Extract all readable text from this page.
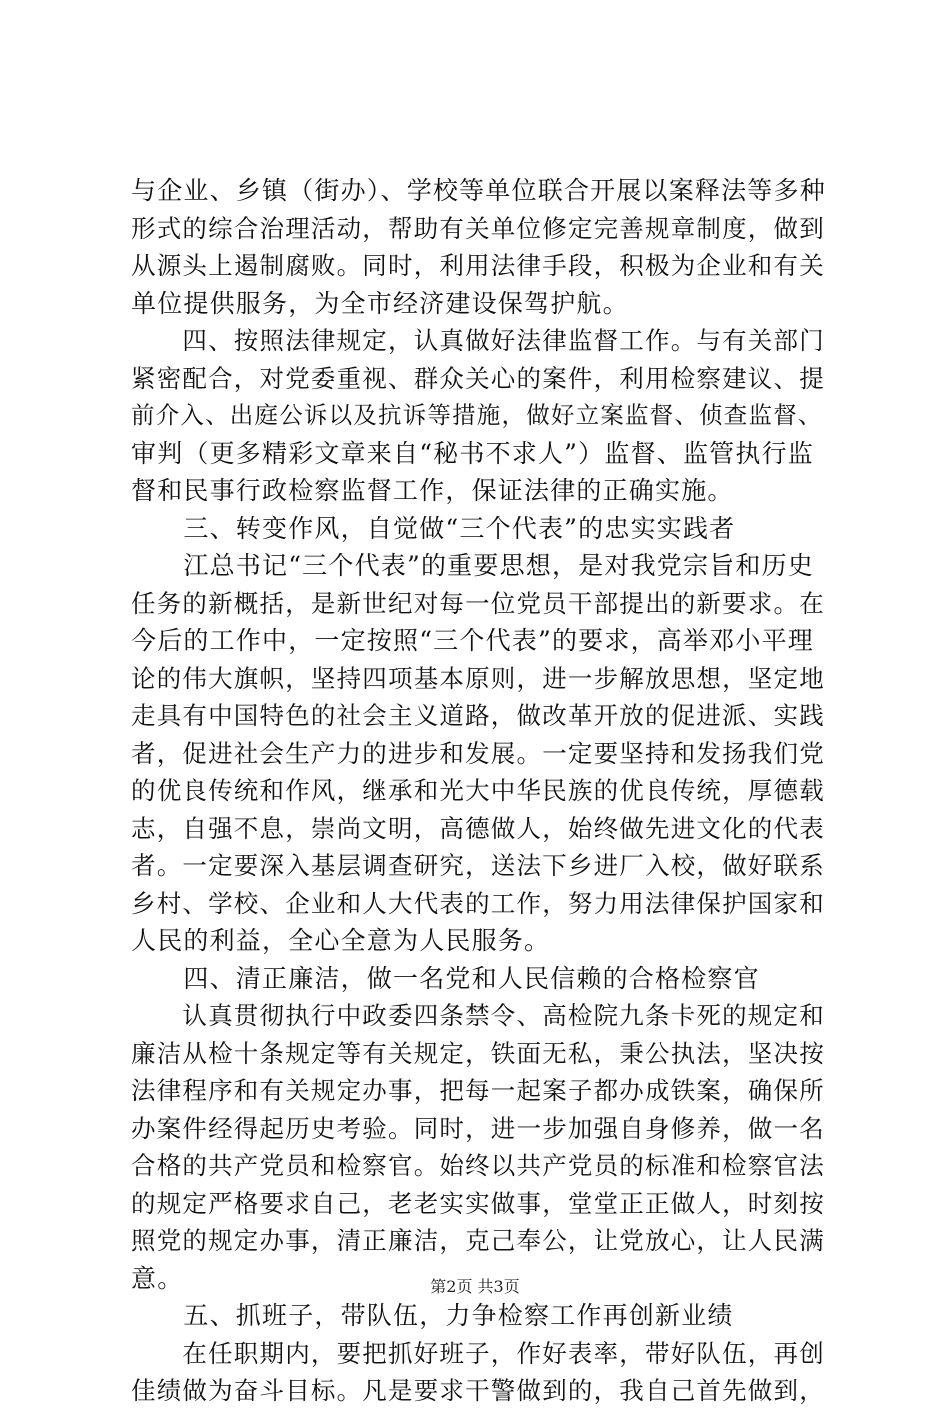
与企业、乡镇（街办）、学校等单位联合开展以案释法等多种
形式的综合治理活动，帮助有关单位修定完善规章制度，做到
从源头上遏制腐败。同时，利用法律手段，积极为企业和有关
单位提供服务，为全市经济建设保驾护航。
　　四、按照法律规定，认真做好法律监督工作。与有关部门
紧密配合，对党委重视、群众关心的案件，利用检察建议、提
前介入、出庭公诉以及抗诉等措施，做好立案监督、侦查监督、
审判（更多精彩文章来自“秘书不求人”）监督、监管执行监
督和民事行政检察监督工作，保证法律的正确实施。
　　三、转变作风，自觉做“三个代表”的忠实实践者
　　江总书记“三个代表”的重要思想，是对我党宗旨和历史
任务的新概括，是新世纪对每一位党员干部提出的新要求。在
今后的工作中，一定按照“三个代表”的要求，高举邓小平理
论的伟大旗帜，坚持四项基本原则，进一步解放思想，坚定地
走具有中国特色的社会主义道路，做改革开放的促进派、实践
者，促进社会生产力的进步和发展。一定要坚持和发扬我们党
的优良传统和作风，继承和光大中华民族的优良传统，厚德载
志，自强不息，崇尚文明，高德做人，始终做先进文化的代表
者。一定要深入基层调查研究，送法下乡进厂入校，做好联系
乡村、学校、企业和人大代表的工作，努力用法律保护国家和
人民的利益，全心全意为人民服务。
　　四、清正廉洁，做一名党和人民信赖的合格检察官
　　认真贯彻执行中政委四条禁令、高检院九条卡死的规定和
廉洁从检十条规定等有关规定，铁面无私，秉公执法，坚决按
法律程序和有关规定办事，把每一起案子都办成铁案，确保所
办案件经得起历史考验。同时，进一步加强自身修养，做一名
合格的共产党员和检察官。始终以共产党员的标准和检察官法
的规定严格要求自己，老老实实做事，堂堂正正做人，时刻按
照党的规定办事，清正廉洁，克己奉公，让党放心，让人民满
意。
　　五、抓班子，带队伍，力争检察工作再创新业绩
　　在任职期内，要把抓好班子，作好表率，带好队伍，再创
佳绩做为奋斗目标。凡是要求干警做到的，我自己首先做到，
第2页 共3页
